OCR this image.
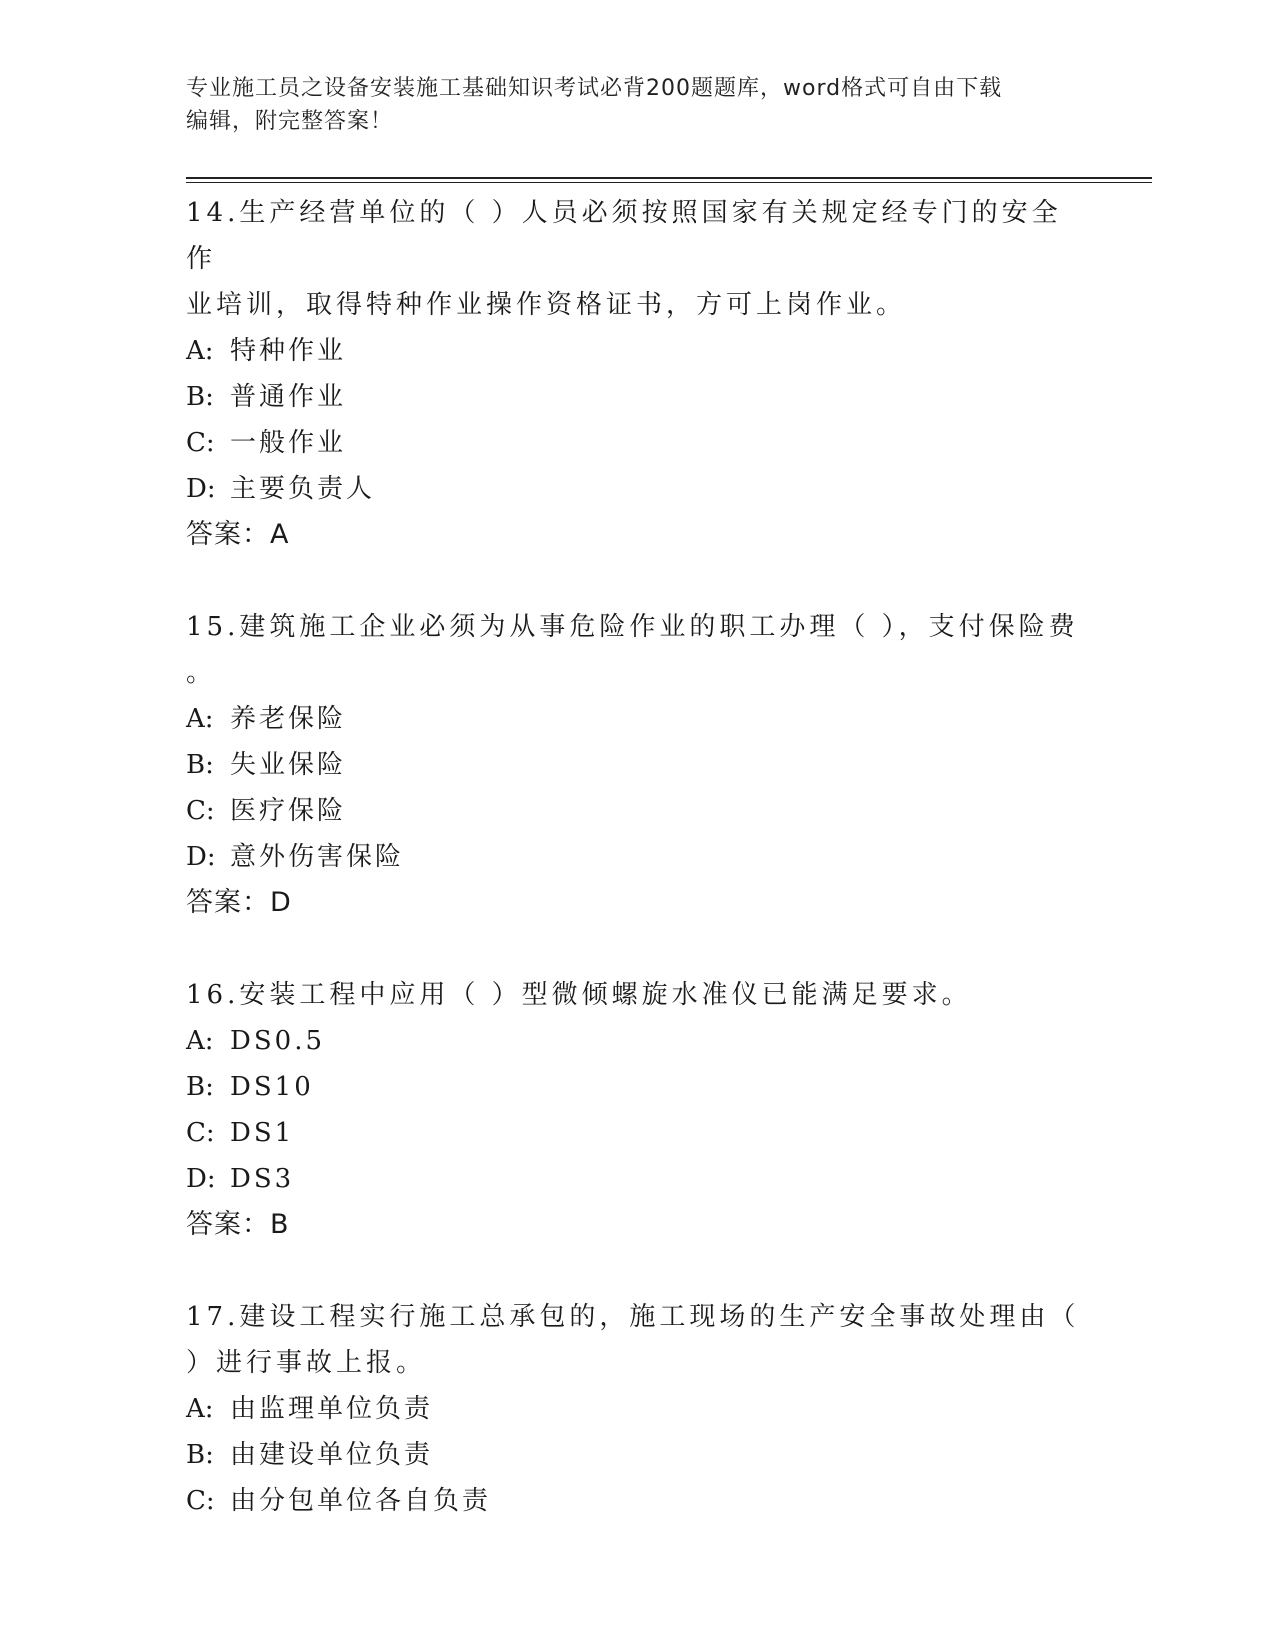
专业施工员之设备安装施工基础知识考试必背200题题库，word格式可自由下载
编辑，附完整答案！

14.生产经营单位的（ ）人员必须按照国家有关规定经专门的安全作

业培训，取得特种作业操作资格证书，方可上岗作业。

A: 特种作业

B: 普通作业

C: 一般作业

D: 主要负责人

答案：A

15.建筑施工企业必须为从事危险作业的职工办理（ ），支付保险费

。

A: 养老保险

B: 失业保险

C: 医疗保险

D: 意外伤害保险

答案：D

16.安装工程中应用（ ）型微倾螺旋水准仪已能满足要求。

A: DS0.5

B: DS10

C: DS1

D: DS3

答案：B

17.建设工程实行施工总承包的，施工现场的生产安全事故处理由（

）进行事故上报。

A: 由监理单位负责

B: 由建设单位负责

C: 由分包单位各自负责
